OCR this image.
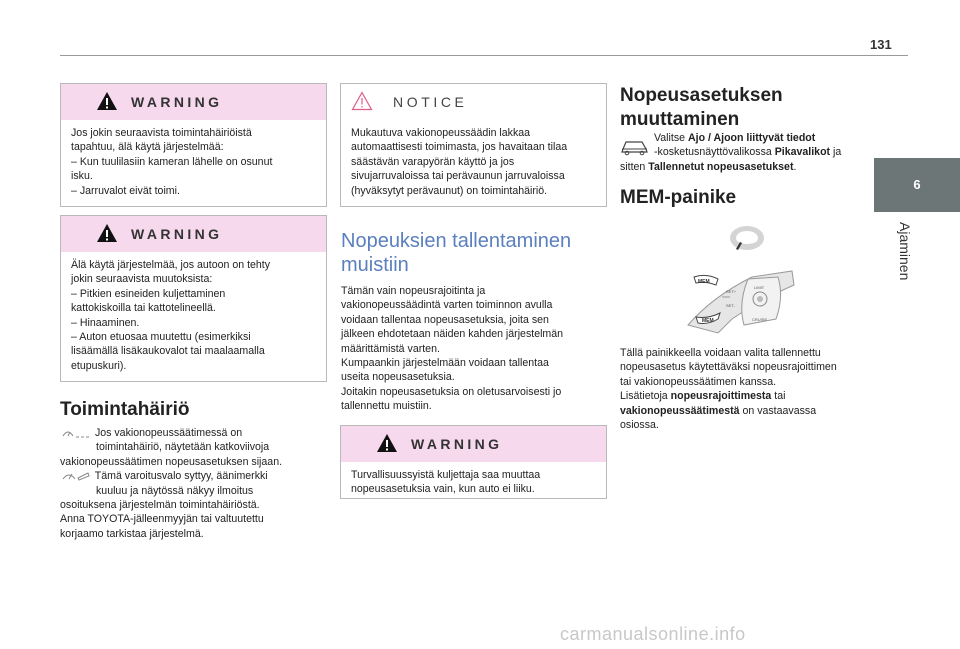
131
6
Ajaminen
WARNING

Jos jokin seuraavista toimintahäiriöistä

tapahtuu, älä käytä järjestelmää:

– Kun tuulilasiin kameran lähelle on osunut

isku.

– Jarruvalot eivät toimi.

WARNING

Älä käytä järjestelmää, jos autoon on tehty

jokin seuraavista muutoksista:

– Pitkien esineiden kuljettaminen

kattokiskoilla tai kattotelineellä.

– Hinaaminen.

– Auton etuosaa muutettu (esimerkiksi

lisäämällä lisäkaukovalot tai maalaamalla

etupuskuri).

Toimintahäiriö

Jos vakionopeussäätimessä on

toimintahäiriö, näytetään katkoviivoja

vakionopeussäätimen nopeusasetuksen sijaan.

Tämä varoitusvalo syttyy, äänimerkki

kuuluu ja näytössä näkyy ilmoitus

osoituksena järjestelmän toimintahäiriöstä.

Anna TOYOTA-jälleenmyyjän tai valtuutettu

korjaamo tarkistaa järjestelmä.

NOTICE

Mukautuva vakionopeussäädin lakkaa

automaattisesti toimimasta, jos havaitaan tilaa

säästävän varapyörän käyttö ja jos

sivujarruvaloissa tai perävaunun jarruvaloissa

(hyväksytyt perävaunut) on toimintahäiriö.

Nopeuksien tallentaminen
muistiin

Tämän vain nopeusrajoitinta ja

vakionopeussäädintä varten toiminnon avulla

voidaan tallentaa nopeusasetuksia, joita sen

jälkeen ehdotetaan näiden kahden järjestelmän

määrittämistä varten.

Kumpaankin järjestelmään voidaan tallentaa

useita nopeusasetuksia.

Joitakin nopeusasetuksia on oletusarvoisesti jo

tallennettu muistiin.

WARNING

Turvallisuussyistä kuljettaja saa muuttaa

nopeusasetuksia vain, kun auto ei liiku.

Nopeusasetuksen
muuttaminen

Valitse Ajo / Ajoon liittyvät tiedot

-kosketusnäyttövalikossa Pikavalikot ja

sitten Tallennetut nopeusasetukset.

MEM-painike
MEM
MEM
SET+
SET-
LIMIT
CRUISE

Tällä painikkeella voidaan valita tallennettu

nopeusasetus käytettäväksi nopeusrajoittimen

tai vakionopeussäätimen kanssa.

Lisätietoja nopeusrajoittimesta tai

vakionopeussäätimestä on vastaavassa

osiossa.

carmanualsonline.info
